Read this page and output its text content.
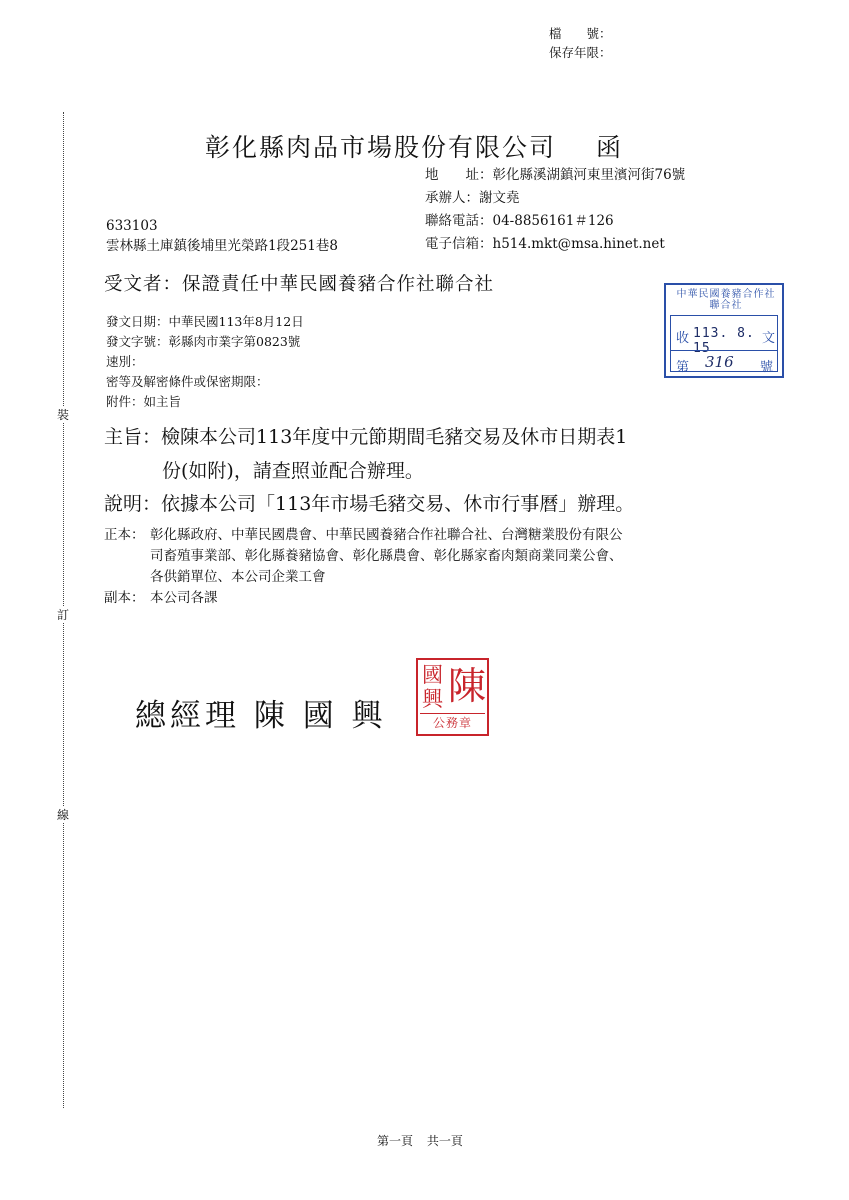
裝
訂
線
檔　　號：
保存年限：
彰化縣肉品市場股份有限公司 函
地　　址： 彰化縣溪湖鎮河東里濱河街76號
承辦人： 謝文堯
聯絡電話： 04-8856161＃126
電子信箱： h514.mkt@msa.hinet.net
633103
雲林縣土庫鎮後埔里光榮路1段251巷8
受文者：保證責任中華民國養豬合作社聯合社
發文日期：中華民國113年8月12日
發文字號：彰縣肉市業字第0823號
速別：
密等及解密條件或保密期限：
附件：如主旨
中華民國養豬合作社聯合社
收 113. 8. 15
文
第 316 號
主旨：檢陳本公司113年度中元節期間毛豬交易及休市日期表1
份(如附)，請查照並配合辦理。
說明：依據本公司「113年市場毛豬交易、休市行事曆」辦理。
正本： 彰化縣政府、中華民國農會、中華民國養豬合作社聯合社、台灣糖業股份有限公
司畜殖事業部、彰化縣養豬協會、彰化縣農會、彰化縣家畜肉類商業同業公會、
各供銷單位、本公司企業工會
副本： 本公司各課
總經理 陳 國 興
國
興 陳
公務章
第一頁 共一頁
